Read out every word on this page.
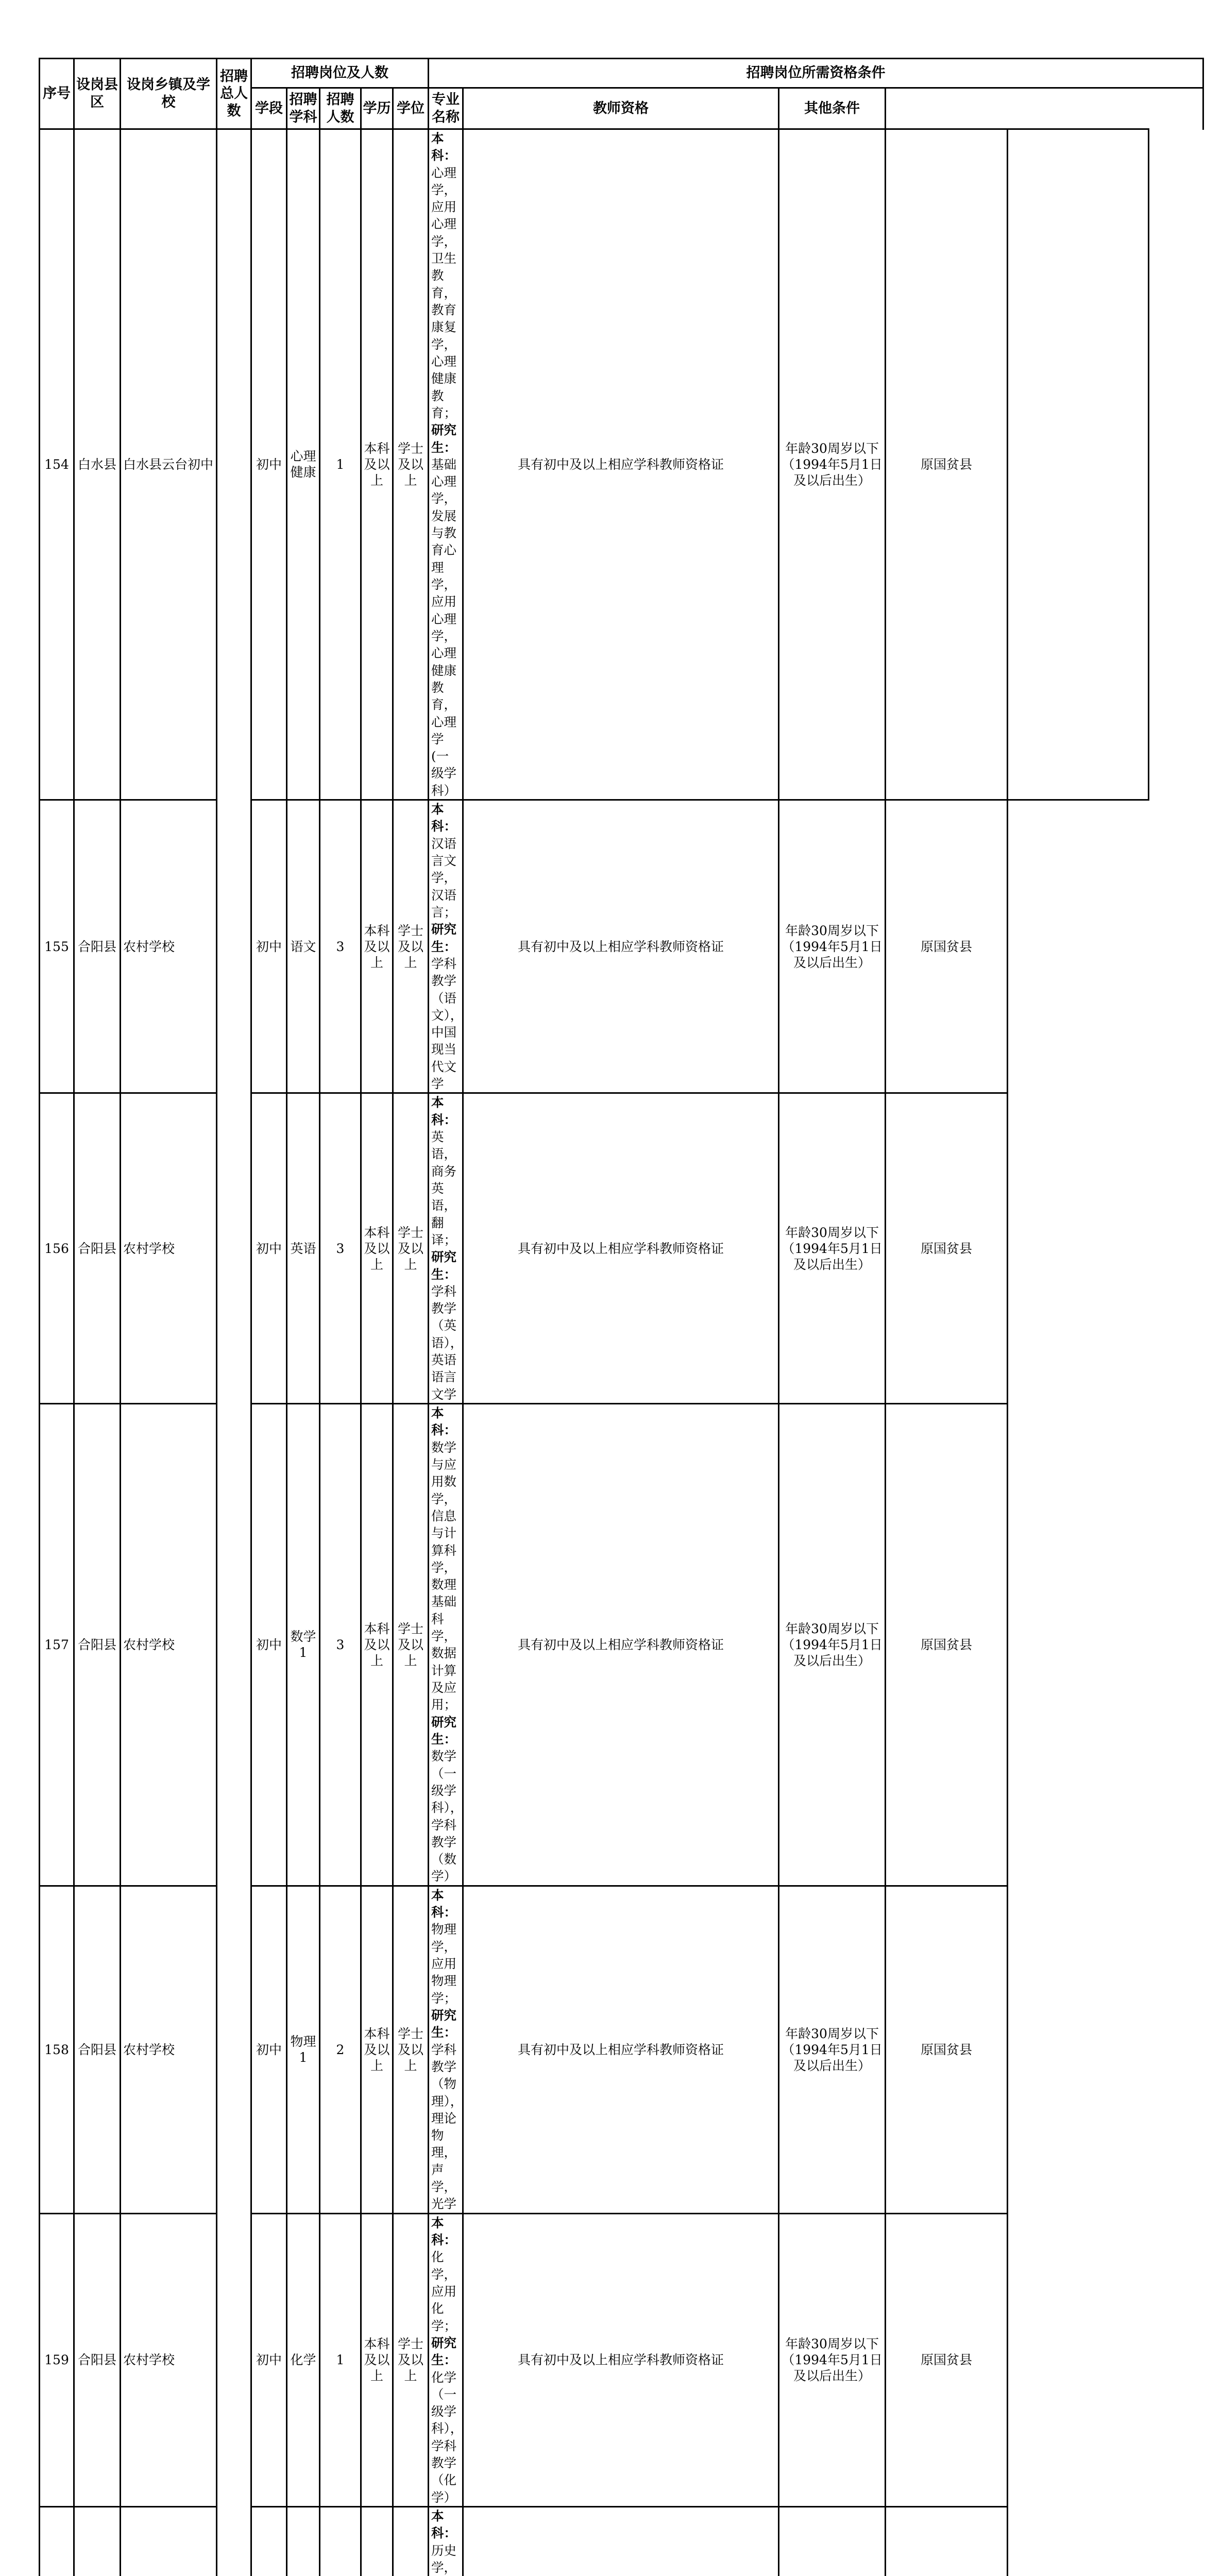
序号	设岗县区	设岗乡镇及学校	招聘总人数	招聘岗位及人数					招聘岗位所需资格条件		
				学段	招聘学科	招聘人数	学历	学位	专业名称	教师资格	其他条件			
154	白水县	白水县云台初中		初中	心理健康	1	本科及以上	学士及以上	本科：心理学，应用心理学，卫生教育，教育康复学，心理健康教育；
研究生：基础心理学，发展与教育心理学，应用心理学，心理健康教育，心理学(一级学科）	具有初中及以上相应学科教师资格证	年龄30周岁以下（1994年5月1日及以后出生）	原国贫县		
155	合阳县	农村学校		初中	语文	3	本科及以上	学士及以上	本科：汉语言文学，汉语言；
研究生：学科教学（语文），中国现当代文学	具有初中及以上相应学科教师资格证	年龄30周岁以下（1994年5月1日及以后出生）	原国贫县		
156	合阳县	农村学校		初中	英语	3	本科及以上	学士及以上	本科：英语，商务英语，翻译；
研究生：学科教学（英语），英语语言文学	具有初中及以上相应学科教师资格证	年龄30周岁以下（1994年5月1日及以后出生）	原国贫县		
157	合阳县	农村学校		初中	数学1	3	本科及以上	学士及以上	本科：数学与应用数学，信息与计算科学，数理基础科学，数据计算及应用；
研究生：数学（一级学科），学科教学（数学）	具有初中及以上相应学科教师资格证	年龄30周岁以下（1994年5月1日及以后出生）	原国贫县		
158	合阳县	农村学校		初中	物理1	2	本科及以上	学士及以上	本科：物理学，应用物理学；
研究生：学科教学（物理），理论物理，声学，光学	具有初中及以上相应学科教师资格证	年龄30周岁以下（1994年5月1日及以后出生）	原国贫县		
159	合阳县	农村学校		初中	化学	1	本科及以上	学士及以上	本科：化学，应用化学；
研究生：化学（一级学科），学科教学（化学）	具有初中及以上相应学科教师资格证	年龄30周岁以下（1994年5月1日及以后出生）	原国贫县		
									本科：历史学，
